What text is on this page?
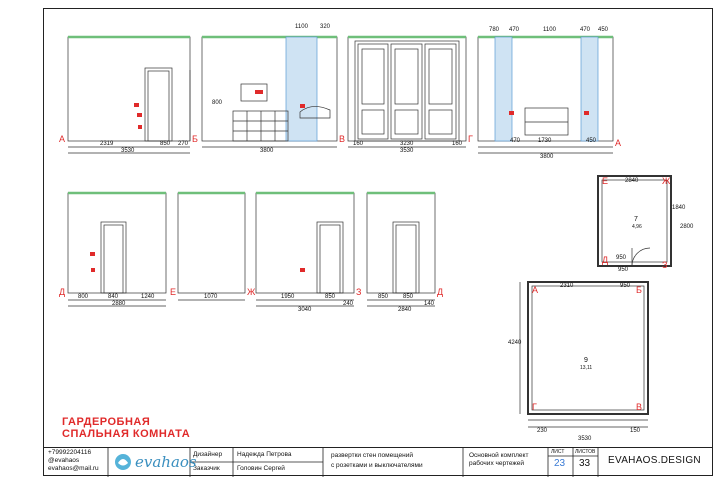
А	Б	В	Г	А
Д	Е	Ж	З	Д
Е	Ж
Д	З
А	Б
Г	В
2319	850 270
3530
1100 320
800
3800
160	3230	160
3530
780 470	1100	470 450
1730
470	450
3800
800	840	1240
2880
1070	1950	850
240
3040
850 850
140
2840
2840
1840
2800
950
950
2310	950
3530
4240
230	150
7
4,96
9
13,11
ГАРДЕРОБНАЯ
СПАЛЬНАЯ КОМНАТА
+79992204116
@evahaos
evahaos@mail.ru
Дизайнер Надежда Петрова
Заказчик	Головин Сергей
развертки стен помещений
с розетками и выключателями
Основной комплект
рабочих чертежей
ЛИСТ ЛИСТОВ
23 33 EVAHAOS.DESIGN
evahaos
